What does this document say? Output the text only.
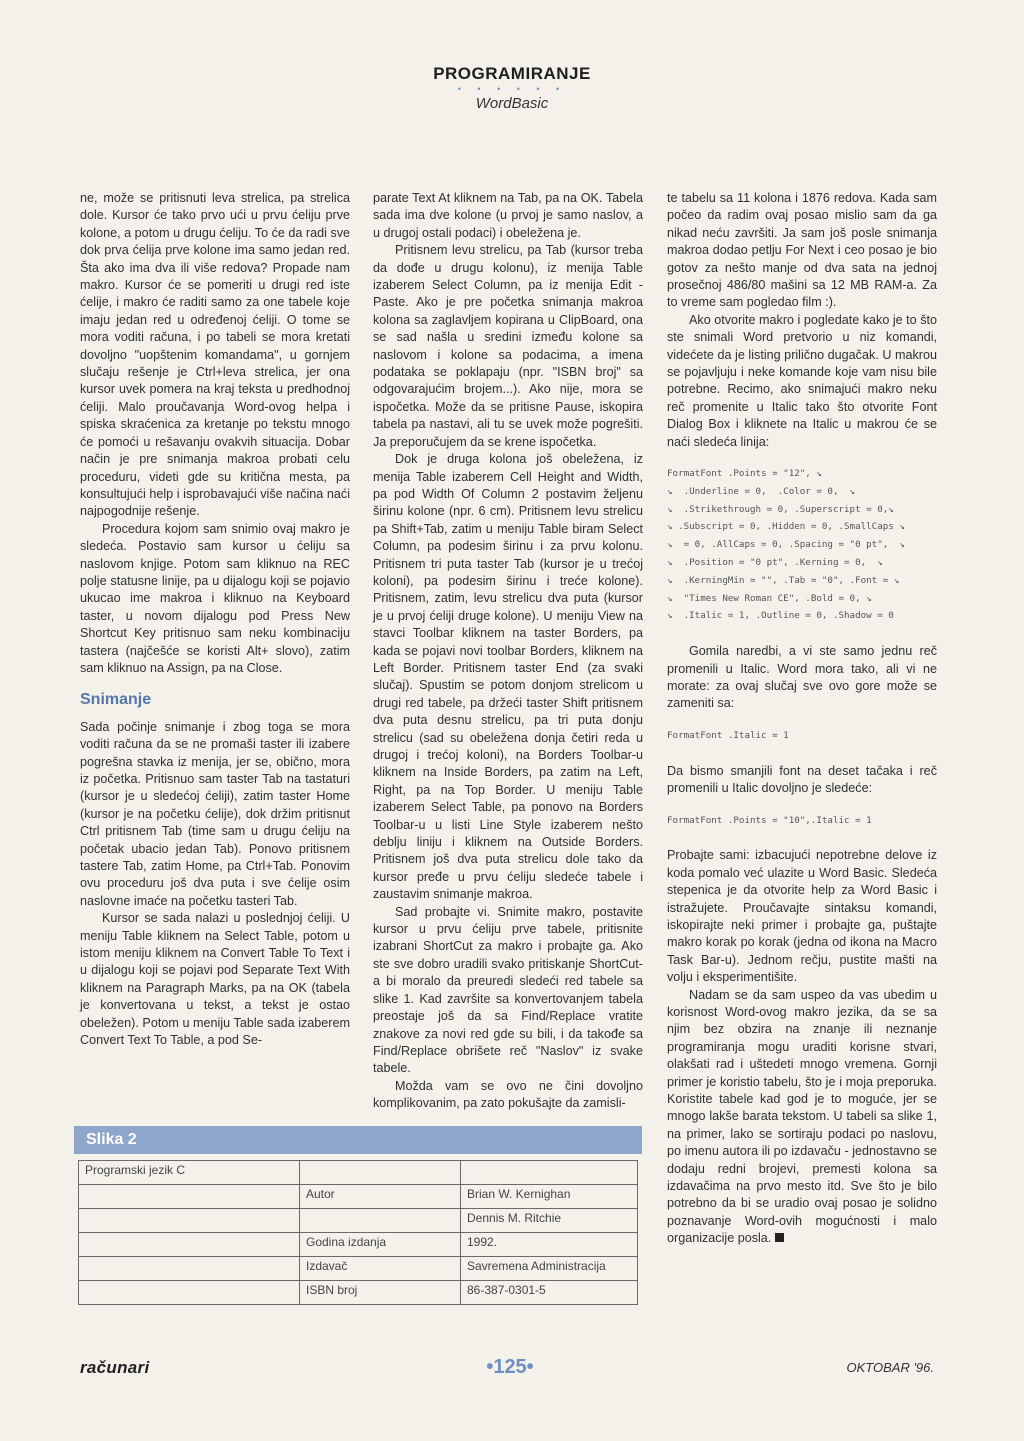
PROGRAMIRANJE
• • • • • •
WordBasic

ne, može se pritisnuti leva strelica, pa strelica dole. Kursor će tako prvo ući u prvu ćeliju prve kolone, a potom u drugu ćeliju. To će da radi sve dok prva ćelija prve kolone ima samo jedan red. Šta ako ima dva ili više redova? Propade nam makro. Kursor će se pomeriti u drugi red iste ćelije, i makro će raditi samo za one tabele koje imaju jedan red u određenoj ćeliji. O tome se mora voditi računa, i po tabeli se mora kretati dovoljno "uopštenim komandama", u gornjem slučaju rešenje je Ctrl+leva strelica, jer ona kursor uvek pomera na kraj teksta u predhodnoj ćeliji. Malo proučavanja Word-ovog helpa i spiska skraćenica za kretanje po tekstu mnogo će pomoći u rešavanju ovakvih situacija. Dobar način je pre snimanja makroa probati celu proceduru, videti gde su kritična mesta, pa konsultujući help i isprobavajući više načina naći najpogodnije rešenje.

Procedura kojom sam snimio ovaj makro je sledeća. Postavio sam kursor u ćeliju sa naslovom knjige. Potom sam kliknuo na REC polje statusne linije, pa u dijalogu koji se pojavio ukucao ime makroa i kliknuo na Keyboard taster, u novom dijalogu pod Press New Shortcut Key pritisnuo sam neku kombinaciju tastera (najčešće se koristi Alt+ slovo), zatim sam kliknuo na Assign, pa na Close.

Snimanje

Sada počinje snimanje i zbog toga se mora voditi računa da se ne promaši taster ili izabere pogrešna stavka iz menija, jer se, obično, mora iz početka. Pritisnuo sam taster Tab na tastaturi (kursor je u sledećoj ćeliji), zatim taster Home (kursor je na početku ćelije), dok držim pritisnut Ctrl pritisnem Tab (time sam u drugu ćeliju na početak ubacio jedan Tab). Ponovo pritisnem tastere Tab, zatim Home, pa Ctrl+Tab. Ponovim ovu proceduru još dva puta i sve ćelije osim naslovne imaće na početku tasteri Tab.

Kursor se sada nalazi u poslednjoj ćeliji. U meniju Table kliknem na Select Table, potom u istom meniju kliknem na Convert Table To Text i u dijalogu koji se pojavi pod Separate Text With kliknem na Paragraph Marks, pa na OK (tabela je konvertovana u tekst, a tekst je ostao obeležen). Potom u meniju Table sada izaberem Convert Text To Table, a pod Se-

parate Text At kliknem na Tab, pa na OK. Tabela sada ima dve kolone (u prvoj je samo naslov, a u drugoj ostali podaci) i obeležena je.

Pritisnem levu strelicu, pa Tab (kursor treba da dođe u drugu kolonu), iz menija Table izaberem Select Column, pa iz menija Edit - Paste. Ako je pre početka snimanja makroa kolona sa zaglavljem kopirana u ClipBoard, ona se sad našla u sredini između kolone sa naslovom i kolone sa podacima, a imena podataka se poklapaju (npr. "ISBN broj" sa odgovarajućim brojem...). Ako nije, mora se ispočetka. Može da se pritisne Pause, iskopira tabela pa nastavi, ali tu se uvek može pogrešiti. Ja preporučujem da se krene ispočetka.

Dok je druga kolona još obeležena, iz menija Table izaberem Cell Height and Width, pa pod Width Of Column 2 postavim željenu širinu kolone (npr. 6 cm). Pritisnem levu strelicu pa Shift+Tab, zatim u meniju Table biram Select Column, pa podesim širinu i za prvu kolonu. Pritisnem tri puta taster Tab (kursor je u trećoj koloni), pa podesim širinu i treće kolone). Pritisnem, zatim, levu strelicu dva puta (kursor je u prvoj ćeliji druge kolone). U meniju View na stavci Toolbar kliknem na taster Borders, pa kada se pojavi novi toolbar Borders, kliknem na Left Border. Pritisnem taster End (za svaki slučaj). Spustim se potom donjom strelicom u drugi red tabele, pa držeći taster Shift pritisnem dva puta desnu strelicu, pa tri puta donju strelicu (sad su obeležena donja četiri reda u drugoj i trećoj koloni), na Borders Toolbar-u kliknem na Inside Borders, pa zatim na Left, Right, pa na Top Border. U meniju Table izaberem Select Table, pa ponovo na Borders Toolbar-u u listi Line Style izaberem nešto deblju liniju i kliknem na Outside Borders. Pritisnem još dva puta strelicu dole tako da kursor pređe u prvu ćeliju sledeće tabele i zaustavim snimanje makroa.

Sad probajte vi. Snimite makro, postavite kursor u prvu ćeliju prve tabele, pritisnite izabrani ShortCut za makro i probajte ga. Ako ste sve dobro uradili svako pritiskanje ShortCut-a bi moralo da preuredi sledeći red tabele sa slike 1. Kad završite sa konvertovanjem tabela preostaje još da sa Find/Replace vratite znakove za novi red gde su bili, i da takođe sa Find/Replace obrišete reč "Naslov" iz svake tabele.

Možda vam se ovo ne čini dovoljno komplikovanim, pa zato pokušajte da zamisli-

te tabelu sa 11 kolona i 1876 redova. Kada sam počeo da radim ovaj posao mislio sam da ga nikad neću završiti. Ja sam još posle snimanja makroa dodao petlju For Next i ceo posao je bio gotov za nešto manje od dva sata na jednoj prosečnoj 486/80 mašini sa 12 MB RAM-a. Za to vreme sam pogledao film :).

Ako otvorite makro i pogledate kako je to što ste snimali Word pretvorio u niz komandi, videćete da je listing prilično dugačak. U makrou se pojavljuju i neke komande koje vam nisu bile potrebne. Recimo, ako snimajući makro neku reč promenite u Italic tako što otvorite Font Dialog Box i kliknete na Italic u makrou će se naći sledeća linija:

FormatFont .Points = "12", ↘
↘  .Underline = 0,  .Color = 0,  ↘
↘  .Strikethrough = 0, .Superscript = 0,↘
↘ .Subscript = 0, .Hidden = 0, .SmallCaps ↘
↘  = 0, .AllCaps = 0, .Spacing = "0 pt",  ↘
↘  .Position = "0 pt", .Kerning = 0,  ↘
↘  .KerningMin = "", .Tab = "0", .Font = ↘
↘  "Times New Roman CE", .Bold = 0, ↘
↘  .Italic = 1, .Outline = 0, .Shadow = 0

Gomila naredbi, a vi ste samo jednu reč promenili u Italic. Word mora tako, ali vi ne morate: za ovaj slučaj sve ovo gore može se zameniti sa:

FormatFont .Italic = 1

Da bismo smanjili font na deset tačaka i reč promenili u Italic dovoljno je sledeće:

FormatFont .Points = "10",.Italic = 1

Probajte sami: izbacujući nepotrebne delove iz koda pomalo već ulazite u Word Basic. Sledeća stepenica je da otvorite help za Word Basic i istražujete. Proučavajte sintaksu komandi, iskopirajte neki primer i probajte ga, puštajte makro korak po korak (jedna od ikona na Macro Task Bar-u). Jednom rečju, pustite mašti na volju i eksperimentišite.

Nadam se da sam uspeo da vas ubedim u korisnost Word-ovog makro jezika, da se sa njim bez obzira na znanje ili neznanje programiranja mogu uraditi korisne stvari, olakšati rad i uštedeti mnogo vremena. Gornji primer je koristio tabelu, što je i moja preporuka. Koristite tabele kad god je to moguće, jer se mnogo lakše barata tekstom. U tabeli sa slike 1, na primer, lako se sortiraju podaci po naslovu, po imenu autora ili po izdavaču - jednostavno se dodaju redni brojevi, premesti kolona sa izdavačima na prvo mesto itd. Sve što je bilo potrebno da bi se uradio ovaj posao je solidno poznavanje Word-ovih mogućnosti i malo organizacije posla.

Slika 2
Programski jezik C		
	Autor	Brian W. Kernighan
		Dennis M. Ritchie
	Godina izdanja	1992.
	Izdavač	Savremena Administracija
	ISBN broj	86-387-0301-5
računari	•125•	OKTOBAR '96.
